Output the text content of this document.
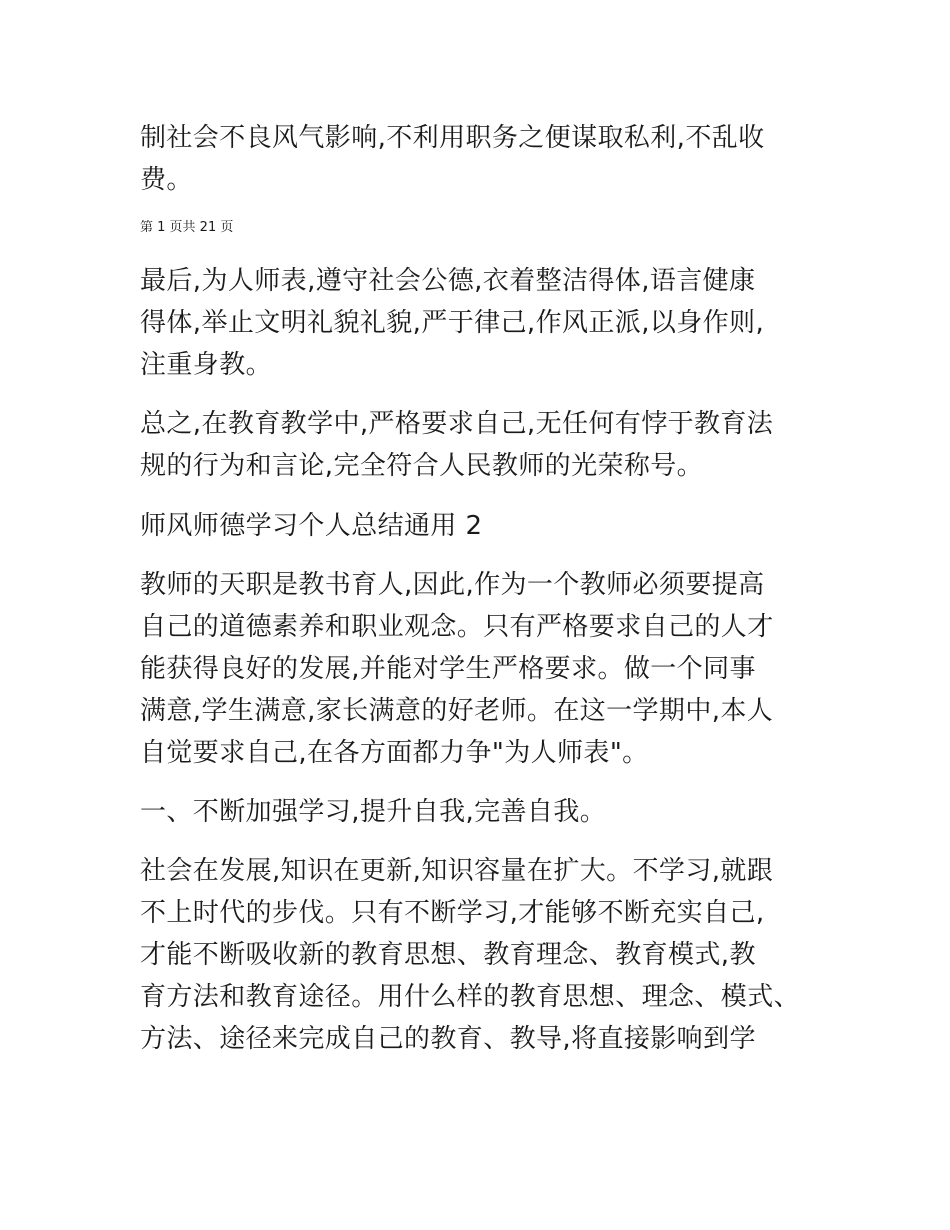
制社会不良风气影响,不利用职务之便谋取私利,不乱收
费。
第 1 页共 21 页
最后,为人师表,遵守社会公德,衣着整洁得体,语言健康
得体,举止文明礼貌礼貌,严于律己,作风正派,以身作则,
注重身教。
总之,在教育教学中,严格要求自己,无任何有悖于教育法
规的行为和言论,完全符合人民教师的光荣称号。
师风师德学习个人总结通用 2
教师的天职是教书育人,因此,作为一个教师必须要提高
自己的道德素养和职业观念。只有严格要求自己的人才
能获得良好的发展,并能对学生严格要求。做一个同事
满意,学生满意,家长满意的好老师。在这一学期中,本人
自觉要求自己,在各方面都力争"为人师表"。
一、不断加强学习,提升自我,完善自我。
社会在发展,知识在更新,知识容量在扩大。不学习,就跟
不上时代的步伐。只有不断学习,才能够不断充实自己,
才能不断吸收新的教育思想、教育理念、教育模式,教
育方法和教育途径。用什么样的教育思想、理念、模式、
方法、途径来完成自己的教育、教导,将直接影响到学
